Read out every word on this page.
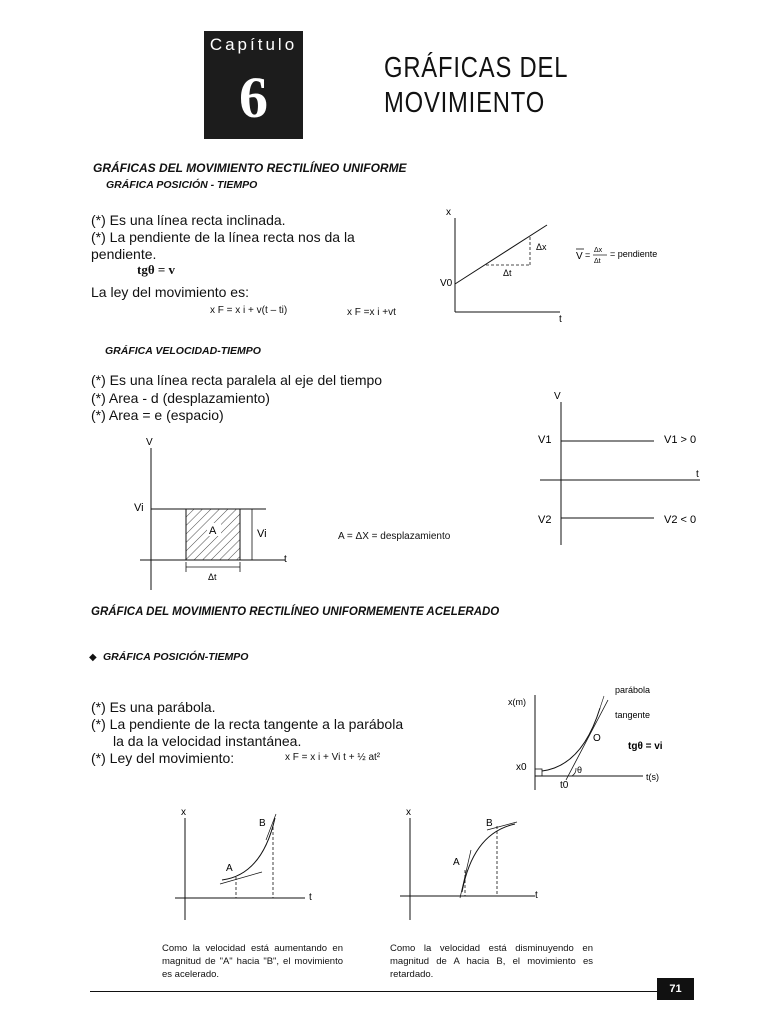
Capítulo
6	GRÁFICAS DEL
MOVIMIENTO
GRÁFICAS DEL MOVIMIENTO RECTILÍNEO UNIFORME
GRÁFICA POSICIÓN - TIEMPO
(*) Es una línea recta inclinada.
(*) La pendiente de la línea recta nos da la
pendiente.
tgθ = v
La ley del movimiento es:
x F = x i + v(t – ti)	x F =x i +vt
x
t
V0
Δx
Δt
V = Δx
Δt
= pendiente
GRÁFICA VELOCIDAD-TIEMPO
(*) Es una línea recta paralela al eje del tiempo
(*) Area - d (desplazamiento)
(*) Area = e (espacio)
V
Vi
Vi
A
t
Δt
A = ΔX = desplazamiento
V
V1	V1 > 0
t
V2	V2 < 0
GRÁFICA DEL MOVIMIENTO RECTILÍNEO UNIFORMEMENTE ACELERADO
◆ GRÁFICA POSICIÓN-TIEMPO
(*) Es una parábola.
(*) La pendiente de la recta tangente a la parábola
la da la velocidad instantánea.
(*) Ley del movimiento:	x F = x i + Vi t + ½ at²
x(m)
t(s)
parábola
tangente
O
x0
t0
θ
tgθ = vi
x
t
A
B
x
t
A
B
Como la velocidad está aumentando en magnitud de "A" hacia "B", el movimiento es acelerado.
Como la velocidad está disminuyendo en magnitud de A hacia B, el movimiento es retardado.
71
